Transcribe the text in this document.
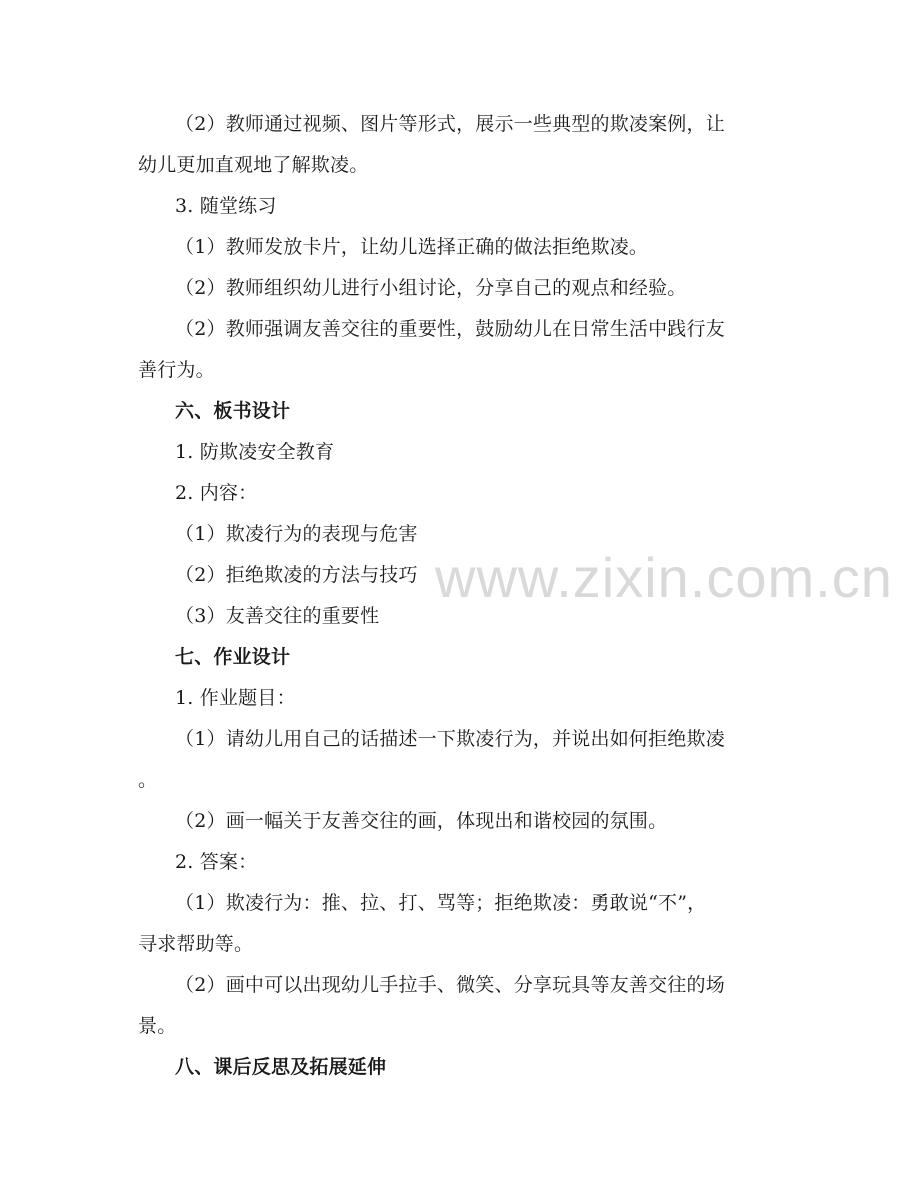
www.zixin.com.cn
（2）教师通过视频、图片等形式，展示一些典型的欺凌案例，让
幼儿更加直观地了解欺凌。
3. 随堂练习
（1）教师发放卡片，让幼儿选择正确的做法拒绝欺凌。
（2）教师组织幼儿进行小组讨论，分享自己的观点和经验。
（2）教师强调友善交往的重要性，鼓励幼儿在日常生活中践行友
善行为。
六、板书设计
1. 防欺凌安全教育
2. 内容：
（1）欺凌行为的表现与危害
（2）拒绝欺凌的方法与技巧
（3）友善交往的重要性
七、作业设计
1. 作业题目：
（1）请幼儿用自己的话描述一下欺凌行为，并说出如何拒绝欺凌
。
（2）画一幅关于友善交往的画，体现出和谐校园的氛围。
2. 答案：
（1）欺凌行为：推、拉、打、骂等；拒绝欺凌：勇敢说“不”，
寻求帮助等。
（2）画中可以出现幼儿手拉手、微笑、分享玩具等友善交往的场
景。
八、课后反思及拓展延伸
